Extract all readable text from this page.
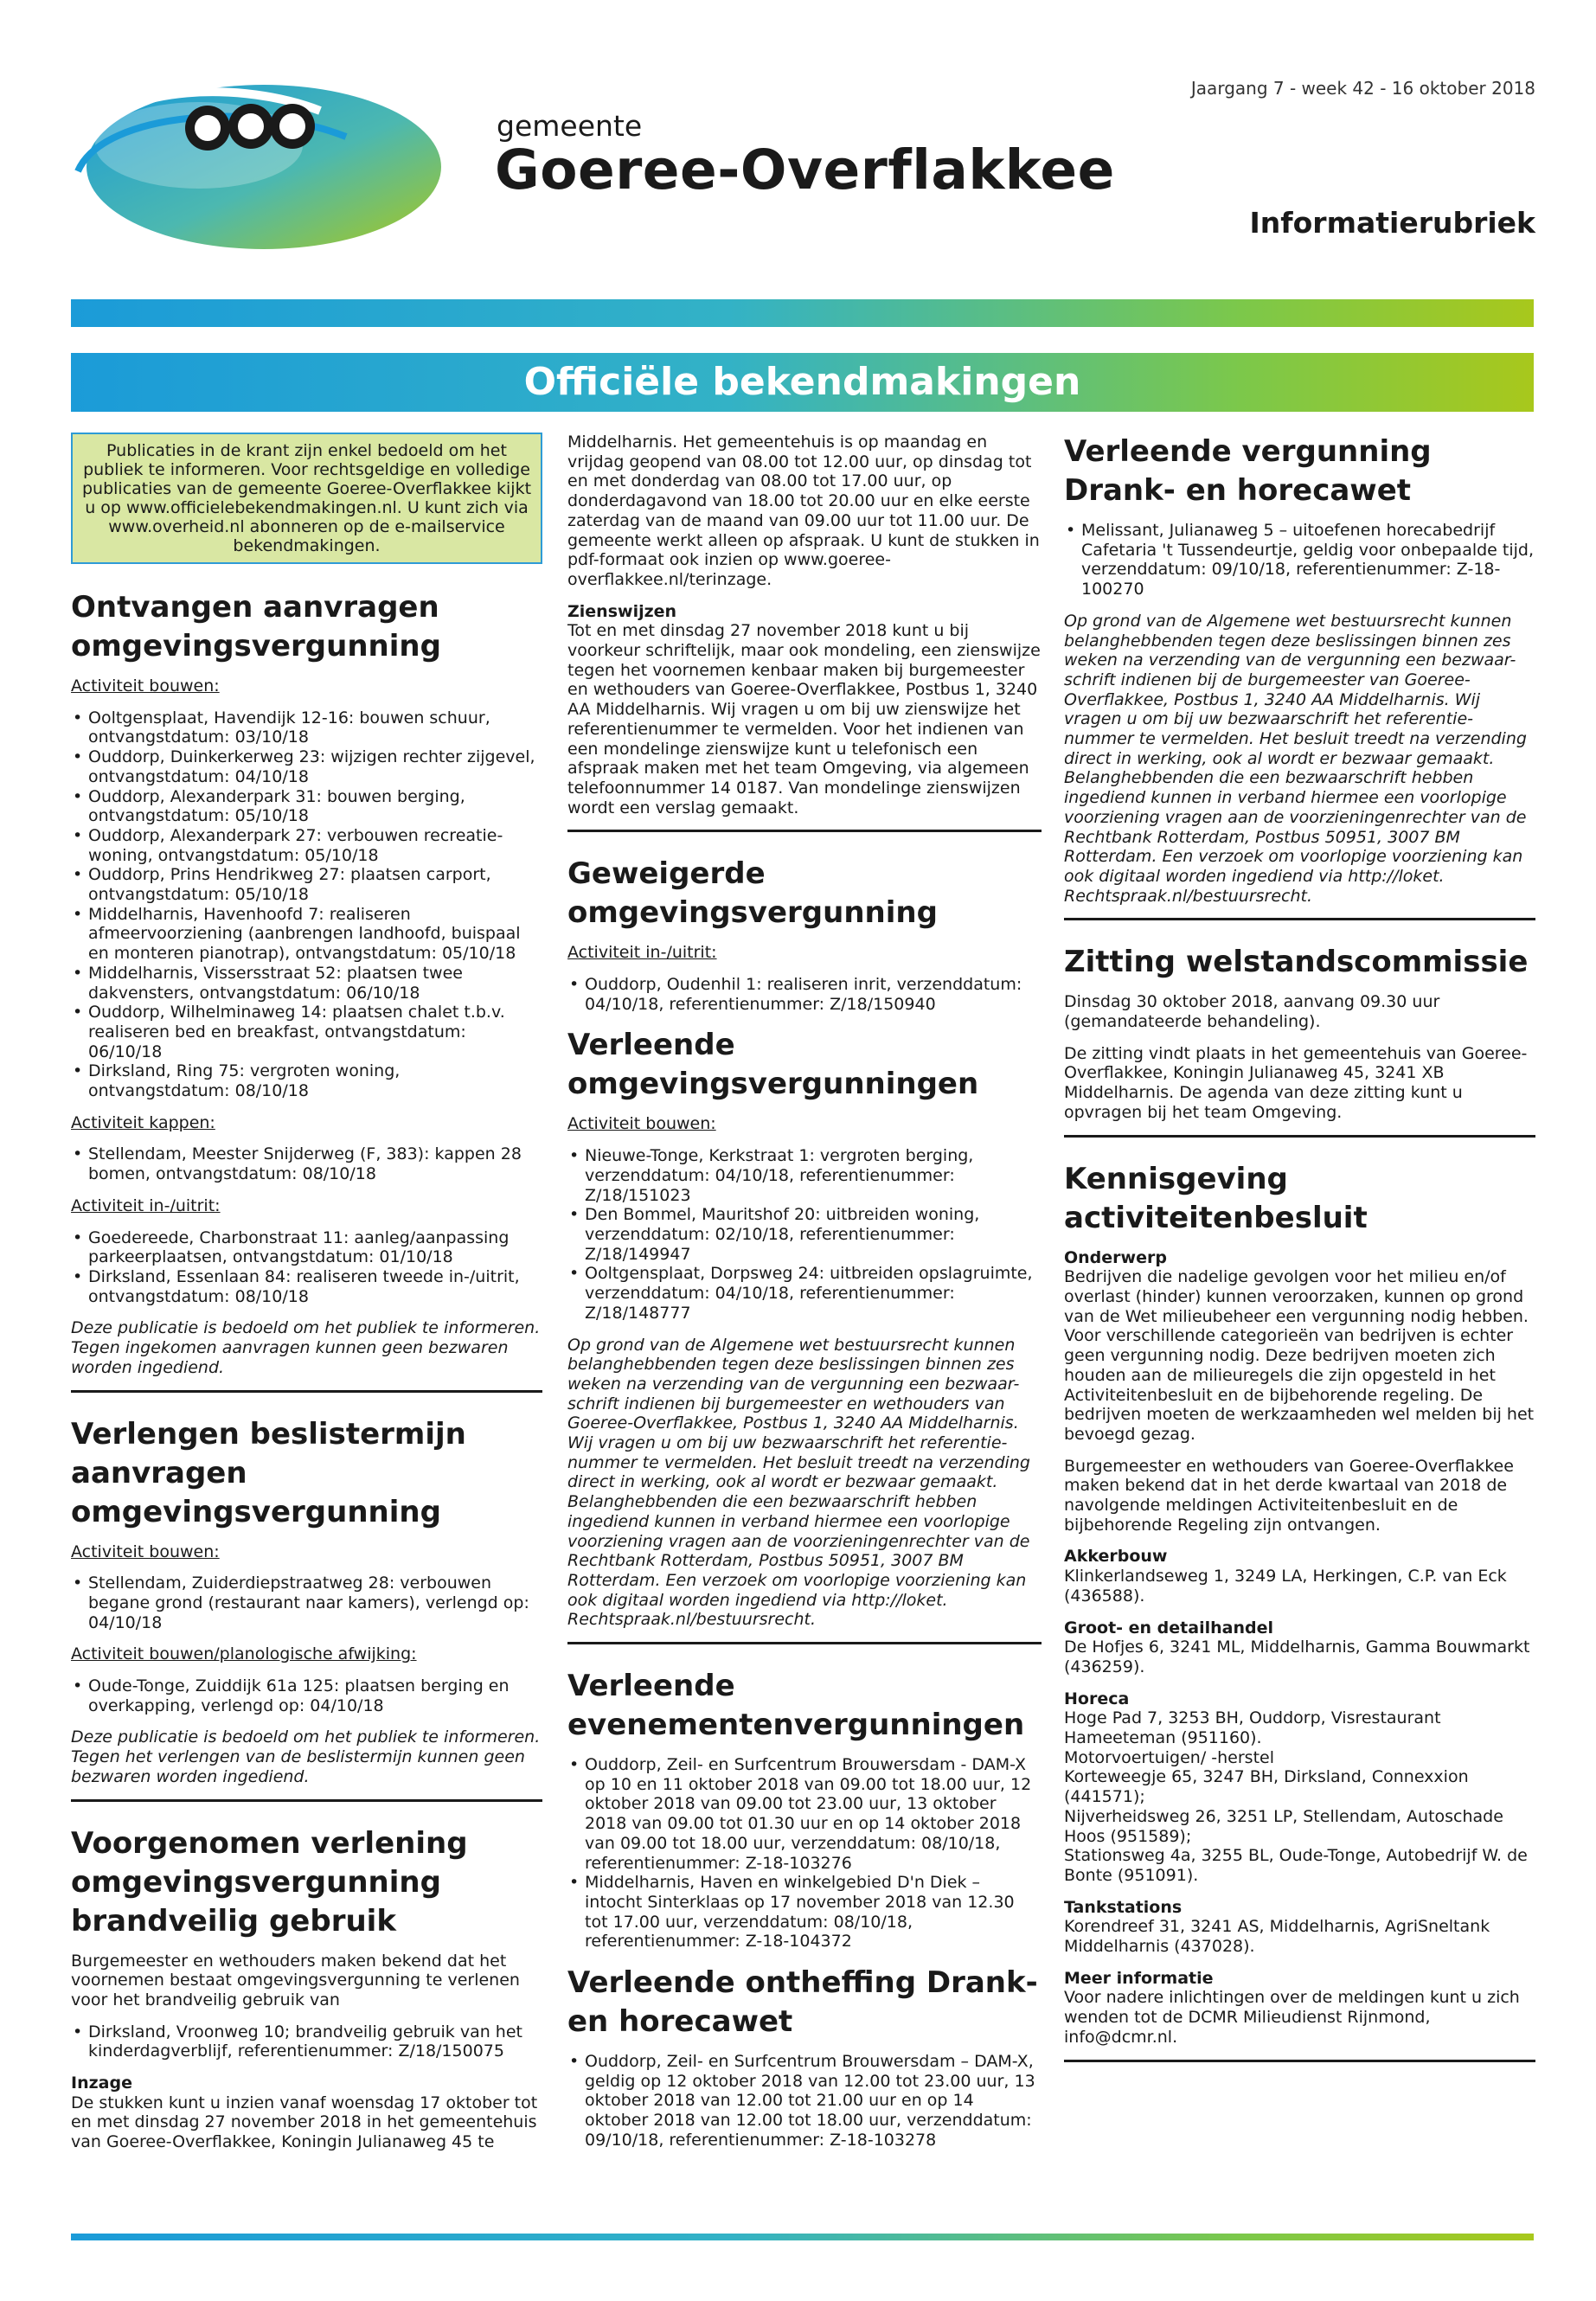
gemeente
Goeree-Overflakkee
Jaargang 7 - week 42 - 16 oktober 2018
Informatierubriek
Officiële bekendmakingen
Publicaties in de krant zijn enkel bedoeld om het publiek te informeren. Voor rechtsgeldige en volledige publicaties van de gemeente Goeree-Overflakkee kijkt u op www.officielebekendmakingen.nl. U kunt zich via www.overheid.nl abonneren op de e-mailservice bekendmakingen.
Ontvangen aanvragen omgevingsvergunning

Activiteit bouwen:

• Ooltgensplaat, Havendijk 12-16: bouwen schuur, ontvangstdatum: 03/10/18
• Ouddorp, Duinkerkerweg 23: wijzigen rechter zijgevel, ontvangstdatum: 04/10/18
• Ouddorp, Alexanderpark 31: bouwen berging, ontvangstdatum: 05/10/18
• Ouddorp, Alexanderpark 27: verbouwen recreatie-woning, ontvangstdatum: 05/10/18
• Ouddorp, Prins Hendrikweg 27: plaatsen carport, ontvangstdatum: 05/10/18
• Middelharnis, Havenhoofd 7: realiseren afmeervoorziening (aanbrengen landhoofd, buispaal en monteren pianotrap), ontvangstdatum: 05/10/18
• Middelharnis, Vissersstraat 52: plaatsen twee dakvensters, ontvangstdatum: 06/10/18
• Ouddorp, Wilhelminaweg 14: plaatsen chalet t.b.v. realiseren bed en breakfast, ontvangstdatum: 06/10/18
• Dirksland, Ring 75: vergroten woning, ontvangstdatum: 08/10/18

Activiteit kappen:

• Stellendam, Meester Snijderweg (F, 383): kappen 28 bomen, ontvangstdatum: 08/10/18

Activiteit in-/uitrit:

• Goedereede, Charbonstraat 11: aanleg/aanpassing parkeerplaatsen, ontvangstdatum: 01/10/18
• Dirksland, Essenlaan 84: realiseren tweede in-/uitrit, ontvangstdatum: 08/10/18

Deze publicatie is bedoeld om het publiek te informeren. Tegen ingekomen aanvragen kunnen geen bezwaren worden ingediend.

Verlengen beslistermijn aanvragen omgevingsvergunning

Activiteit bouwen:

• Stellendam, Zuiderdiepstraatweg 28: verbouwen begane grond (restaurant naar kamers), verlengd op: 04/10/18

Activiteit bouwen/planologische afwijking:

• Oude-Tonge, Zuiddijk 61a 125: plaatsen berging en overkapping, verlengd op: 04/10/18

Deze publicatie is bedoeld om het publiek te informeren. Tegen het verlengen van de beslistermijn kunnen geen bezwaren worden ingediend.

Voorgenomen verlening omgevingsvergunning brandveilig gebruik

Burgemeester en wethouders maken bekend dat het voornemen bestaat omgevingsvergunning te verlenen voor het brandveilig gebruik van

• Dirksland, Vroonweg 10; brandveilig gebruik van het kinderdagverblijf, referentienummer: Z/18/150075

Inzage

De stukken kunt u inzien vanaf woensdag 17 oktober tot en met dinsdag 27 november 2018 in het gemeentehuis van Goeree-Overflakkee, Koningin Julianaweg 45 te

Middelharnis. Het gemeentehuis is op maandag en vrijdag geopend van 08.00 tot 12.00 uur, op dinsdag tot en met donderdag van 08.00 tot 17.00 uur, op donderdagavond van 18.00 tot 20.00 uur en elke eerste zaterdag van de maand van 09.00 uur tot 11.00 uur. De gemeente werkt alleen op afspraak. U kunt de stukken in pdf-formaat ook inzien op www.goeree-overflakkee.nl/terinzage.

Zienswijzen

Tot en met dinsdag 27 november 2018 kunt u bij voorkeur schriftelijk, maar ook mondeling, een zienswijze tegen het voornemen kenbaar maken bij burgemeester en wethouders van Goeree-Overflakkee, Postbus 1, 3240 AA Middelharnis. Wij vragen u om bij uw zienswijze het referentienummer te vermelden. Voor het indienen van een mondelinge zienswijze kunt u telefonisch een afspraak maken met het team Omgeving, via algemeen telefoonnummer 14 0187. Van mondelinge zienswijzen wordt een verslag gemaakt.

Geweigerde omgevingsvergunning

Activiteit in-/uitrit:

• Ouddorp, Oudenhil 1: realiseren inrit, verzenddatum: 04/10/18, referentienummer: Z/18/150940
Verleende omgevingsvergunningen

Activiteit bouwen:

• Nieuwe-Tonge, Kerkstraat 1: vergroten berging, verzenddatum: 04/10/18, referentienummer: Z/18/151023
• Den Bommel, Mauritshof 20: uitbreiden woning, verzenddatum: 02/10/18, referentienummer: Z/18/149947
• Ooltgensplaat, Dorpsweg 24: uitbreiden opslagruimte, verzenddatum: 04/10/18, referentienummer: Z/18/148777

Op grond van de Algemene wet bestuursrecht kunnen belanghebbenden tegen deze beslissingen binnen zes weken na verzending van de vergunning een bezwaar-schrift indienen bij burgemeester en wethouders van Goeree-Overflakkee, Postbus 1, 3240 AA Middelharnis. Wij vragen u om bij uw bezwaarschrift het referentie-nummer te vermelden. Het besluit treedt na verzending direct in werking, ook al wordt er bezwaar gemaakt. Belanghebbenden die een bezwaarschrift hebben ingediend kunnen in verband hiermee een voorlopige voorziening vragen aan de voorzieningenrechter van de Rechtbank Rotterdam, Postbus 50951, 3007 BM Rotterdam. Een verzoek om voorlopige voorziening kan ook digitaal worden ingediend via http://loket. Rechtspraak.nl/bestuursrecht.

Verleende evenementenvergunningen
• Ouddorp, Zeil- en Surfcentrum Brouwersdam - DAM-X op 10 en 11 oktober 2018 van 09.00 tot 18.00 uur, 12 oktober 2018 van 09.00 tot 23.00 uur, 13 oktober 2018 van 09.00 tot 01.30 uur en op 14 oktober 2018 van 09.00 tot 18.00 uur, verzenddatum: 08/10/18, referentienummer: Z-18-103276
• Middelharnis, Haven en winkelgebied D'n Diek – intocht Sinterklaas op 17 november 2018 van 12.30 tot 17.00 uur, verzenddatum: 08/10/18, referentienummer: Z-18-104372
Verleende ontheffing Drank- en horecawet
• Ouddorp, Zeil- en Surfcentrum Brouwersdam – DAM-X, geldig op 12 oktober 2018 van 12.00 tot 23.00 uur, 13 oktober 2018 van 12.00 tot 21.00 uur en op 14 oktober 2018 van 12.00 tot 18.00 uur, verzenddatum: 09/10/18, referentienummer: Z-18-103278
Verleende vergunning Drank- en horecawet
• Melissant, Julianaweg 5 – uitoefenen horecabedrijf Cafetaria 't Tussendeurtje, geldig voor onbepaalde tijd, verzenddatum: 09/10/18, referentienummer: Z-18-100270

Op grond van de Algemene wet bestuursrecht kunnen belanghebbenden tegen deze beslissingen binnen zes weken na verzending van de vergunning een bezwaar-schrift indienen bij de burgemeester van Goeree-Overflakkee, Postbus 1, 3240 AA Middelharnis. Wij vragen u om bij uw bezwaarschrift het referentie-nummer te vermelden. Het besluit treedt na verzending direct in werking, ook al wordt er bezwaar gemaakt. Belanghebbenden die een bezwaarschrift hebben ingediend kunnen in verband hiermee een voorlopige voorziening vragen aan de voorzieningenrechter van de Rechtbank Rotterdam, Postbus 50951, 3007 BM Rotterdam. Een verzoek om voorlopige voorziening kan ook digitaal worden ingediend via http://loket. Rechtspraak.nl/bestuursrecht.

Zitting welstandscommissie

Dinsdag 30 oktober 2018, aanvang 09.30 uur (gemandateerde behandeling).

De zitting vindt plaats in het gemeentehuis van Goeree-Overflakkee, Koningin Julianaweg 45, 3241 XB Middelharnis. De agenda van deze zitting kunt u opvragen bij het team Omgeving.

Kennisgeving activiteitenbesluit

Onderwerp

Bedrijven die nadelige gevolgen voor het milieu en/of overlast (hinder) kunnen veroorzaken, kunnen op grond van de Wet milieubeheer een vergunning nodig hebben. Voor verschillende categorieën van bedrijven is echter geen vergunning nodig. Deze bedrijven moeten zich houden aan de milieuregels die zijn opgesteld in het Activiteitenbesluit en de bijbehorende regeling. De bedrijven moeten de werkzaamheden wel melden bij het bevoegd gezag.

Burgemeester en wethouders van Goeree-Overflakkee maken bekend dat in het derde kwartaal van 2018 de navolgende meldingen Activiteitenbesluit en de bijbehorende Regeling zijn ontvangen.

Akkerbouw

Klinkerlandseweg 1, 3249 LA, Herkingen, C.P. van Eck (436588).

Groot- en detailhandel

De Hofjes 6, 3241 ML, Middelharnis, Gamma Bouwmarkt (436259).

Horeca

Hoge Pad 7, 3253 BH, Ouddorp, Visrestaurant Hameeteman (951160).
Motorvoertuigen/ -herstel
Korteweegje 65, 3247 BH, Dirksland, Connexxion (441571);
Nijverheidsweg 26, 3251 LP, Stellendam, Autoschade Hoos (951589);

Stationsweg 4a, 3255 BL, Oude-Tonge, Autobedrijf W. de Bonte (951091).

Tankstations

Korendreef 31, 3241 AS, Middelharnis, AgriSneltank Middelharnis (437028).

Meer informatie

Voor nadere inlichtingen over de meldingen kunt u zich wenden tot de DCMR Milieudienst Rijnmond, info@dcmr.nl.
